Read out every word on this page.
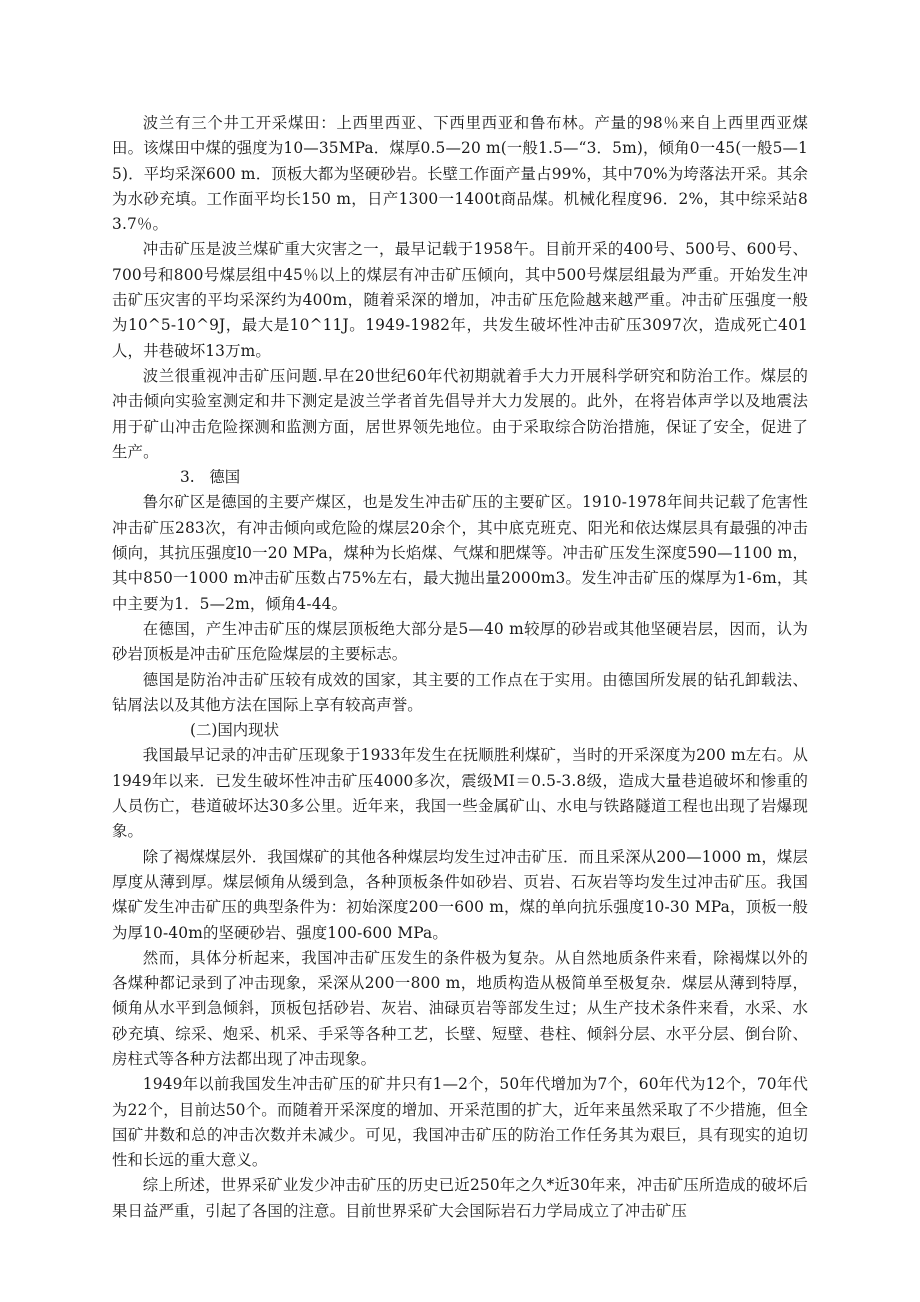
波兰有三个井工开采煤田：上西里西亚、下西里西亚和鲁布林。产量的98％来自上西里西亚煤田。该煤田中煤的强度为10—35MPa．煤厚0.5—20 m(一般1.5—“3．5m)，倾角0一45(一般5—15)．平均采深600 m．顶板大都为坚硬砂岩。长壁工作面产量占99%，其中70%为垮落法开采。其余为水砂充填。工作面平均长150 m，日产1300一1400t商品煤。机械化程度96．2%，其中综采站83.7％。

冲击矿压是波兰煤矿重大灾害之一，最早记载于1958午。目前开采的400号、500号、600号、700号和800号煤层组中45％以上的煤层有冲击矿压倾向，其中500号煤层组最为严重。开始发生冲击矿压灾害的平均采深约为400m，随着采深的增加，冲击矿压危险越来越严重。冲击矿压强度一般为10^5-10^9J，最大是10^11J。1949-1982年，共发生破坏性冲击矿压3097次，造成死亡401人，井巷破坏13万m。

波兰很重视冲击矿压问题.早在20世纪60年代初期就着手大力开展科学研究和防治工作。煤层的冲击倾向实验室测定和井下测定是波兰学者首先倡导并大力发展的。此外，在将岩体声学以及地震法用于矿山冲击危险探测和监测方面，居世界领先地位。由于采取综合防治措施，保证了安全，促进了生产。

3.   德国

鲁尔矿区是德国的主要产煤区，也是发生冲击矿压的主要矿区。1910-1978年间共记载了危害性冲击矿压283次，有冲击倾向或危险的煤层20余个，其中底克班克、阳光和依达煤层具有最强的冲击倾向，其抗压强度l0一20 MPa，煤种为长焰煤、气煤和肥煤等。冲击矿压发生深度590—1100 m，其中850一1000 m冲击矿压数占75%左右，最大抛出量2000m3。发生冲击矿压的煤厚为1-6m，其中主要为1．5—2m，倾角4-44。

在德国，产生冲击矿压的煤层顶板绝大部分是5—40 m较厚的砂岩或其他坚硬岩层，因而，认为砂岩顶板是冲击矿压危险煤层的主要标志。

德国是防治冲击矿压较有成效的国家，其主要的工作点在于实用。由德国所发展的钻孔卸载法、钻屑法以及其他方法在国际上享有较高声誉。

(二)国内现状

我国最早记录的冲击矿压现象于1933年发生在抚顺胜利煤矿，当时的开采深度为200 m左右。从1949年以来．已发生破坏性冲击矿压4000多次，震级MI＝0.5-3.8级，造成大量巷追破坏和惨重的人员伤亡，巷道破坏达30多公里。近年来，我国一些金属矿山、水电与铁路隧道工程也出现了岩爆现象。

除了褐煤煤层外．我国煤矿的其他各种煤层均发生过冲击矿压．而且采深从200—1000 m，煤层厚度从薄到厚。煤层倾角从缓到急，各种顶板条件如砂岩、页岩、石灰岩等均发生过冲击矿压。我国煤矿发生冲击矿压的典型条件为：初始深度200一600 m，煤的单向抗乐强度10-30 MPa，顶板一般为厚10-40m的坚硬砂岩、强度100-600 MPa。

然而，具体分析起来，我国冲击矿压发生的条件极为复杂。从自然地质条件来看，除褐煤以外的各煤种都记录到了冲击现象，采深从200一800 m，地质构造从极简单至极复杂．煤层从薄到特厚，倾角从水平到急倾斜，顶板包括砂岩、灰岩、油碌页岩等部发生过；从生产技术条件来看，水采、水砂充填、综采、炮采、机采、手采等各种工艺，长壁、短壁、巷柱、倾斜分层、水平分层、倒台阶、房柱式等各种方法都出现了冲击现象。

1949年以前我国发生冲击矿压的矿井只有1—2个，50年代增加为7个，60年代为12个，70年代为22个，目前达50个。而随着开采深度的增加、开采范围的扩大，近年来虽然采取了不少措施，但全国矿井数和总的冲击次数并未减少。可见，我国冲击矿压的防治工作任务其为艰巨，具有现实的迫切性和长远的重大意义。

综上所述，世界采矿业发少冲击矿压的历史已近250年之久*近30年来，冲击矿压所造成的破坏后果日益严重，引起了各国的注意。目前世界采矿大会国际岩石力学局成立了冲击矿压
